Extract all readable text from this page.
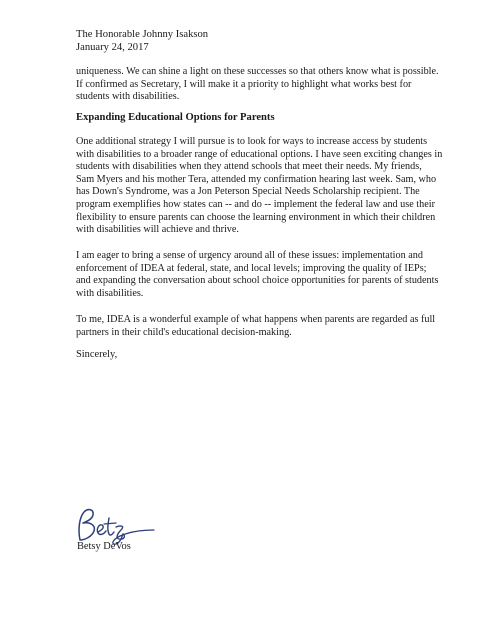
The Honorable Johnny Isakson
January 24, 2017
uniqueness. We can shine a light on these successes so that others know what is possible.
If confirmed as Secretary, I will make it a priority to highlight what works best for
students with disabilities.
Expanding Educational Options for Parents
One additional strategy I will pursue is to look for ways to increase access by students
with disabilities to a broader range of educational options. I have seen exciting changes in
students with disabilities when they attend schools that meet their needs. My friends,
Sam Myers and his mother Tera, attended my confirmation hearing last week. Sam, who
has Down's Syndrome, was a Jon Peterson Special Needs Scholarship recipient. The
program exemplifies how states can -- and do -- implement the federal law and use their
flexibility to ensure parents can choose the learning environment in which their children
with disabilities will achieve and thrive.
I am eager to bring a sense of urgency around all of these issues: implementation and
enforcement of IDEA at federal, state, and local levels; improving the quality of IEPs;
and expanding the conversation about school choice opportunities for parents of students
with disabilities.
To me, IDEA is a wonderful example of what happens when parents are regarded as full
partners in their child's educational decision-making.
Sincerely,
Betsy DeVos
